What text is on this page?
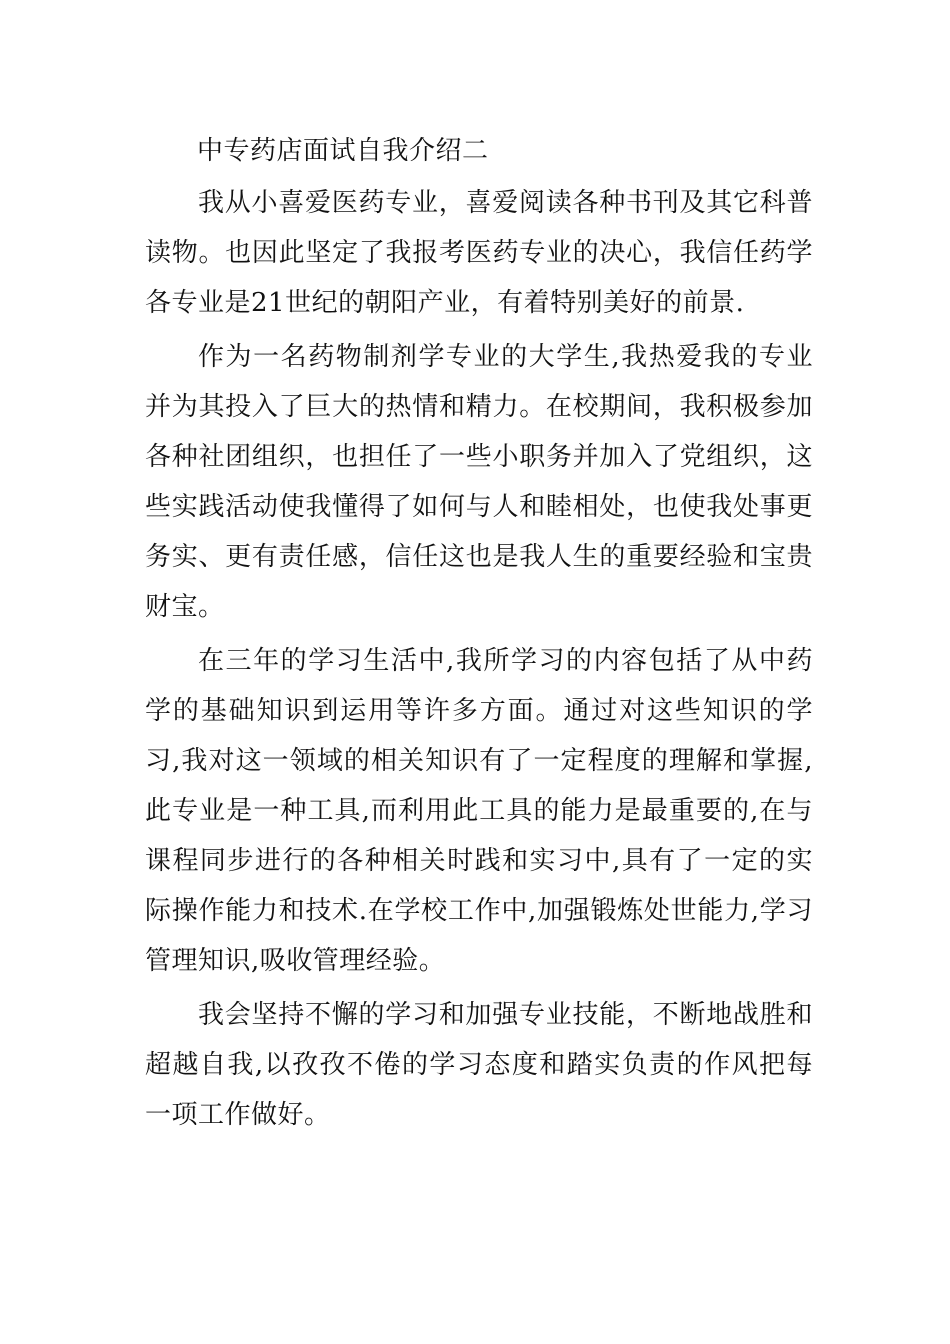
中专药店面试自我介绍二

我从小喜爱医药专业，喜爱阅读各种书刊及其它科普读物。也因此坚定了我报考医药专业的决心，我信任药学各专业是21世纪的朝阳产业，有着特别美好的前景.

作为一名药物制剂学专业的大学生,我热爱我的专业并为其投入了巨大的热情和精力。在校期间，我积极参加各种社团组织，也担任了一些小职务并加入了党组织，这些实践活动使我懂得了如何与人和睦相处，也使我处事更务实、更有责任感，信任这也是我人生的重要经验和宝贵财宝。

在三年的学习生活中,我所学习的内容包括了从中药学的基础知识到运用等许多方面。通过对这些知识的学习,我对这一领域的相关知识有了一定程度的理解和掌握,此专业是一种工具,而利用此工具的能力是最重要的,在与课程同步进行的各种相关时践和实习中,具有了一定的实际操作能力和技术.在学校工作中,加强锻炼处世能力,学习管理知识,吸收管理经验。

我会坚持不懈的学习和加强专业技能，不断地战胜和超越自我,以孜孜不倦的学习态度和踏实负责的作风把每一项工作做好。
